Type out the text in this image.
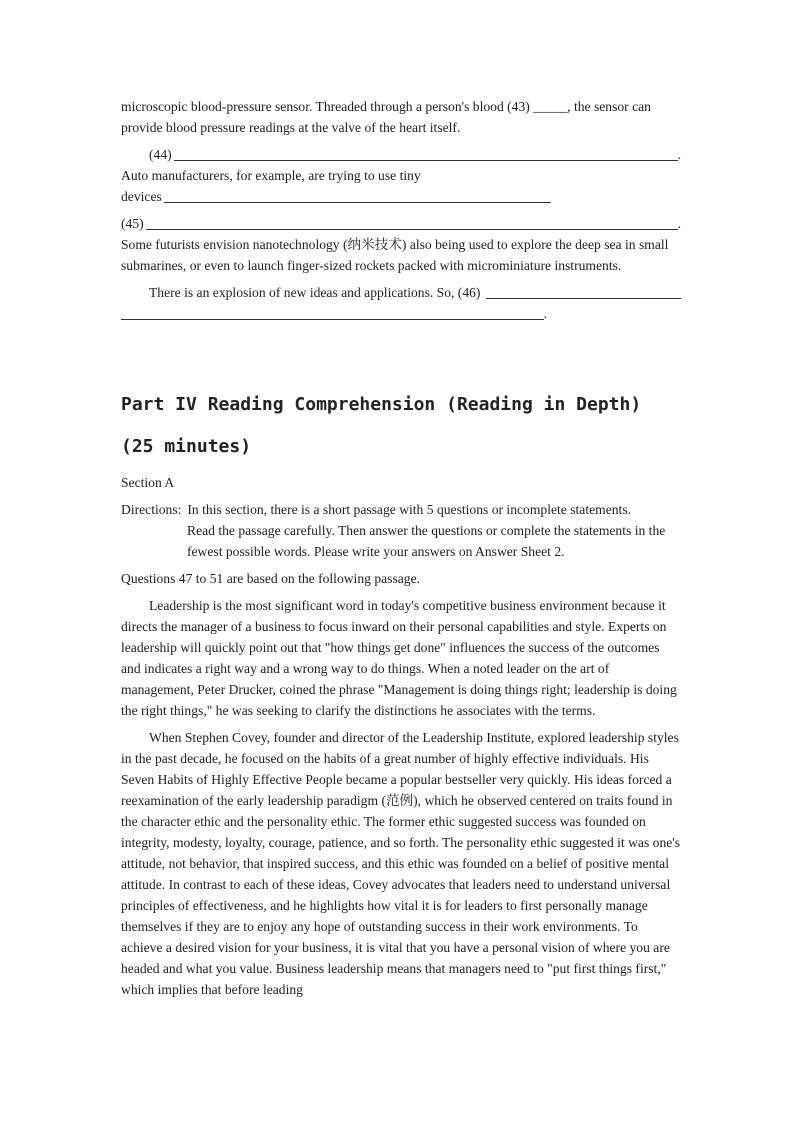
microscopic blood-pressure sensor. Threaded through a person's blood (43) _____, the sensor can provide blood pressure readings at the valve of the heart itself.

(44)	.

Auto manufacturers, for example, are trying to use tiny

devices
(45)	.

Some futurists envision nanotechnology (纳米技术) also being used to explore the deep sea in small submarines, or even to launch finger-sized rockets packed with microminiature instruments.

There is an explosion of new ideas and applications. So, (46)
.
Part IV Reading Comprehension (Reading in Depth) (25 minutes)

Section A

Directions: In this section, there is a short passage with 5 questions or incomplete statements.

Read the passage carefully. Then answer the questions or complete the statements in the fewest possible words. Please write your answers on Answer Sheet 2.

Questions 47 to 51 are based on the following passage.

Leadership is the most significant word in today's competitive business environment because it directs the manager of a business to focus inward on their personal capabilities and style. Experts on leadership will quickly point out that "how things get done" influences the success of the outcomes and indicates a right way and a wrong way to do things. When a noted leader on the art of management, Peter Drucker, coined the phrase "Management is doing things right; leadership is doing the right things," he was seeking to clarify the distinctions he associates with the terms.

When Stephen Covey, founder and director of the Leadership Institute, explored leadership styles in the past decade, he focused on the habits of a great number of highly effective individuals. His Seven Habits of Highly Effective People became a popular bestseller very quickly. His ideas forced a reexamination of the early leadership paradigm (范例), which he observed centered on traits found in the character ethic and the personality ethic. The former ethic suggested success was founded on integrity, modesty, loyalty, courage, patience, and so forth. The personality ethic suggested it was one's attitude, not behavior, that inspired success, and this ethic was founded on a belief of positive mental attitude. In contrast to each of these ideas, Covey advocates that leaders need to understand universal principles of effectiveness, and he highlights how vital it is for leaders to first personally manage themselves if they are to enjoy any hope of outstanding success in their work environments. To achieve a desired vision for your business, it is vital that you have a personal vision of where you are headed and what you value. Business leadership means that managers need to "put first things first," which implies that before leading
